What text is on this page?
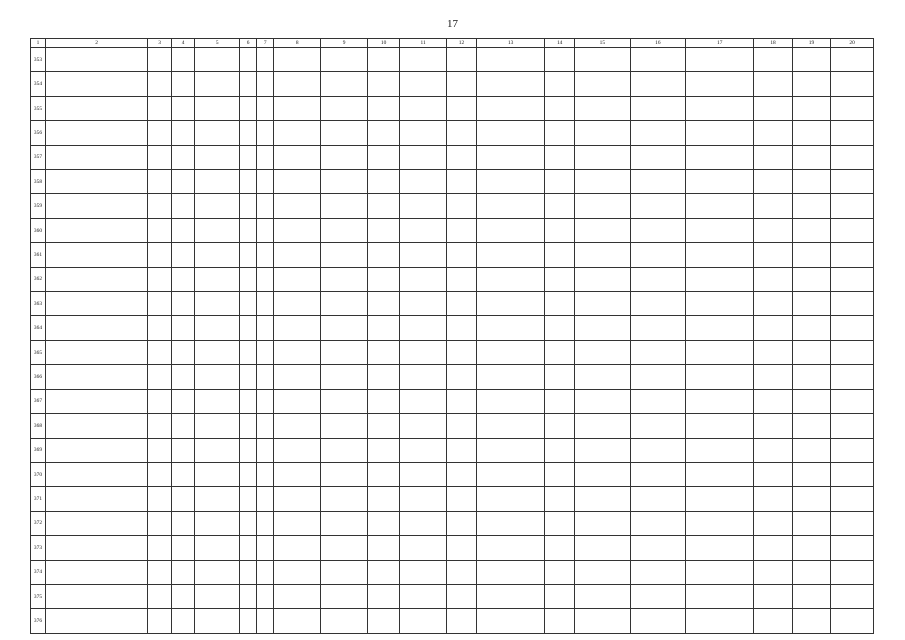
17
1	2	3	4	5	6	7	8	9	10	11	12	13	14	15	16	17	18	19	20
353																			
354																			
355																			
356																			
357																			
358																			
359																			
360																			
361																			
362																			
363																			
364																			
365																			
366																			
367																			
368																			
369																			
370																			
371																			
372																			
373																			
374																			
375																			
376																			
